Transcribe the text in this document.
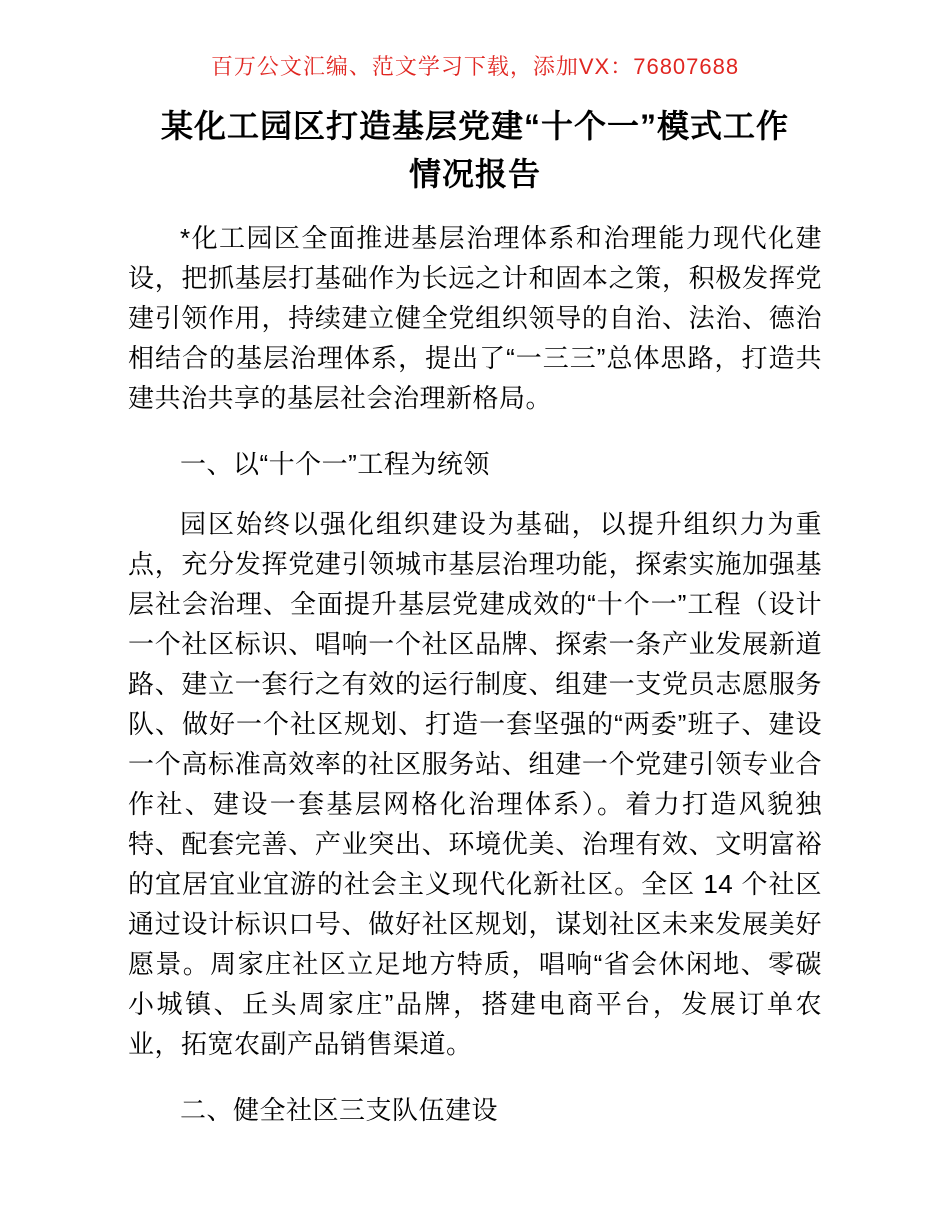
百万公文汇编、范文学习下载，添加VX：76807688
某化工园区打造基层党建“十个一”模式工作情况报告

*化工园区全面推进基层治理体系和治理能力现代化建设，把抓基层打基础作为长远之计和固本之策，积极发挥党建引领作用，持续建立健全党组织领导的自治、法治、德治相结合的基层治理体系，提出了“一三三”总体思路，打造共建共治共享的基层社会治理新格局。

一、以“十个一”工程为统领

园区始终以强化组织建设为基础，以提升组织力为重点，充分发挥党建引领城市基层治理功能，探索实施加强基层社会治理、全面提升基层党建成效的“十个一”工程（设计一个社区标识、唱响一个社区品牌、探索一条产业发展新道路、建立一套行之有效的运行制度、组建一支党员志愿服务队、做好一个社区规划、打造一套坚强的“两委”班子、建设一个高标准高效率的社区服务站、组建一个党建引领专业合作社、建设一套基层网格化治理体系）。着力打造风貌独特、配套完善、产业突出、环境优美、治理有效、文明富裕的宜居宜业宜游的社会主义现代化新社区。全区 14 个社区通过设计标识口号、做好社区规划，谋划社区未来发展美好愿景。周家庄社区立足地方特质，唱响“省会休闲地、零碳小城镇、丘头周家庄”品牌，搭建电商平台，发展订单农业，拓宽农副产品销售渠道。

二、健全社区三支队伍建设
